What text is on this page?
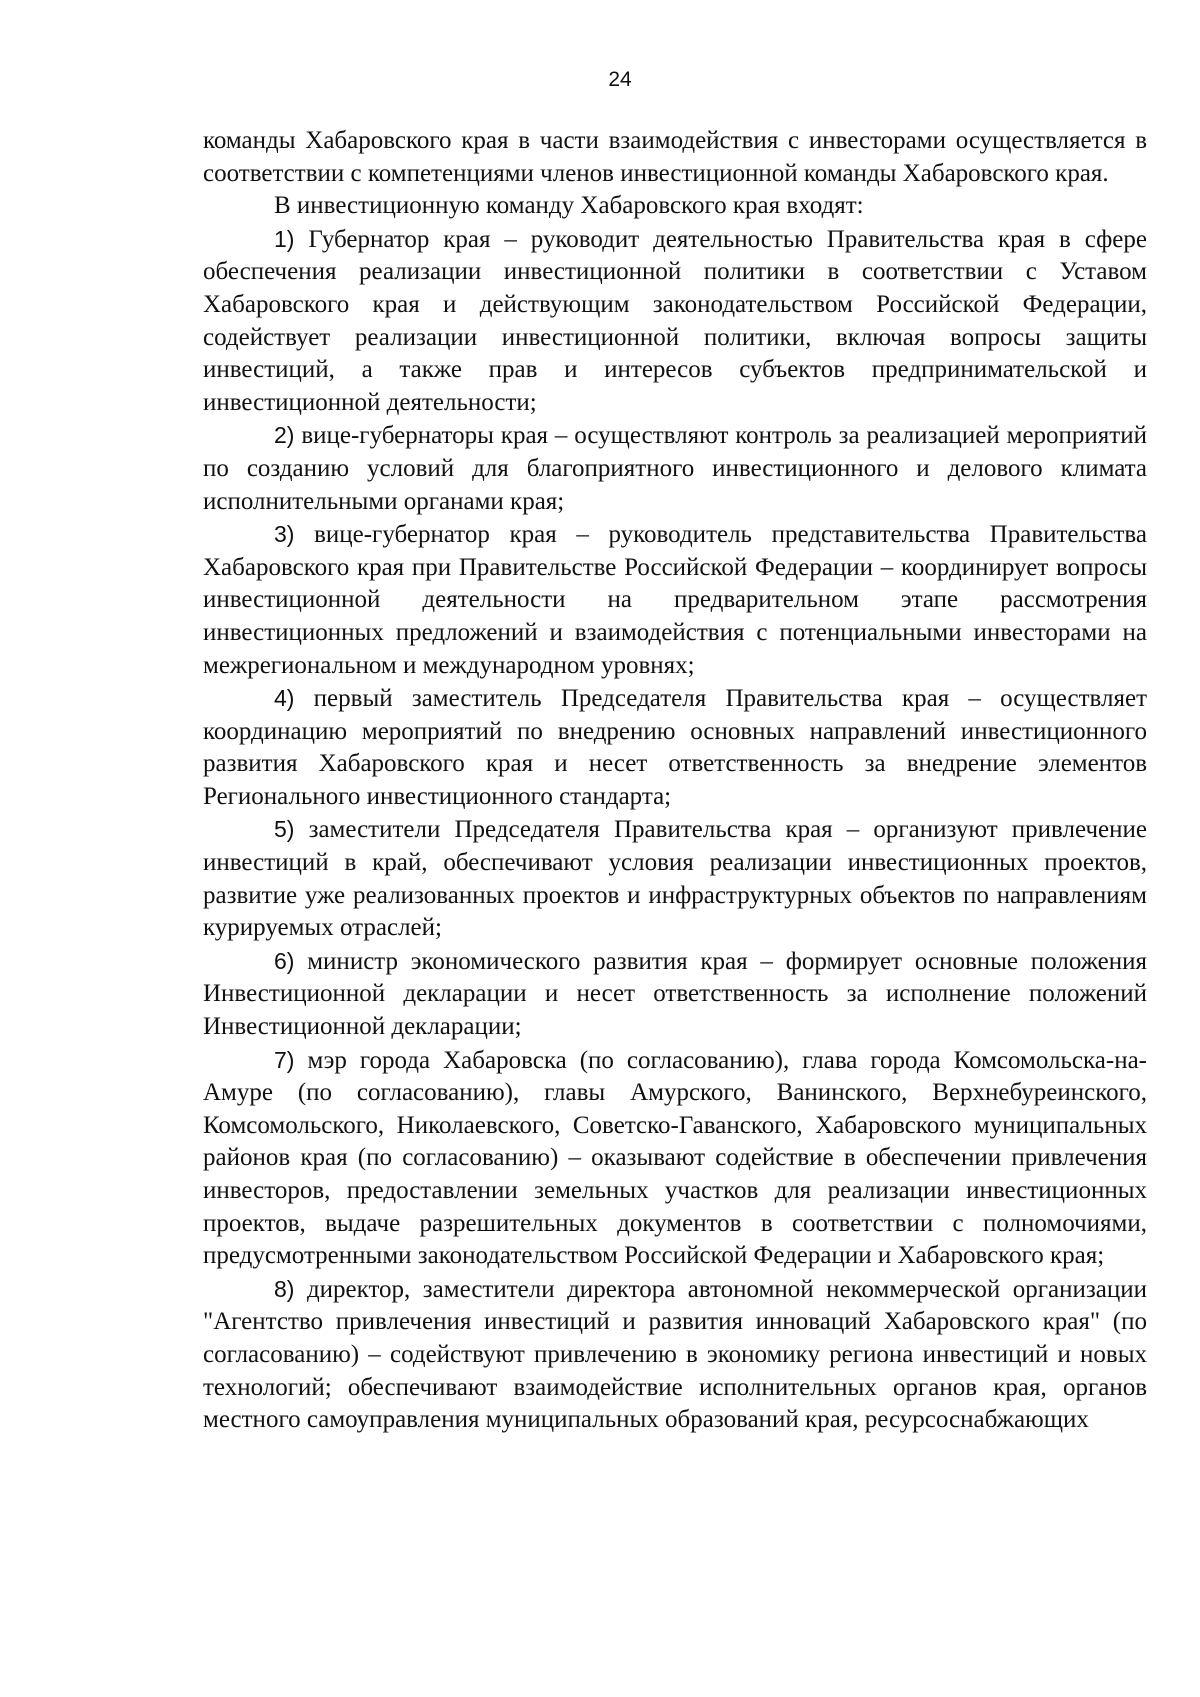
24

команды Хабаровского края в части взаимодействия с инвесторами осуществляется в соответствии с компетенциями членов инвестиционной команды Хабаровского края.

В инвестиционную команду Хабаровского края входят:

1) Губернатор края – руководит деятельностью Правительства края в сфере обеспечения реализации инвестиционной политики в соответствии с Уставом Хабаровского края и действующим законодательством Российской Федерации, содействует реализации инвестиционной политики, включая вопросы защиты инвестиций, а также прав и интересов субъектов предпринимательской и инвестиционной деятельности;

2) вице-губернаторы края – осуществляют контроль за реализацией мероприятий по созданию условий для благоприятного инвестиционного и делового климата исполнительными органами края;

3) вице-губернатор края – руководитель представительства Правительства Хабаровского края при Правительстве Российской Федерации – координирует вопросы инвестиционной деятельности на предварительном этапе рассмотрения инвестиционных предложений и взаимодействия с потенциальными инвесторами на межрегиональном и международном уровнях;

4) первый заместитель Председателя Правительства края – осуществляет координацию мероприятий по внедрению основных направлений инвестиционного развития Хабаровского края и несет ответственность за внедрение элементов Регионального инвестиционного стандарта;

5) заместители Председателя Правительства края – организуют привлечение инвестиций в край, обеспечивают условия реализации инвестиционных проектов, развитие уже реализованных проектов и инфраструктурных объектов по направлениям курируемых отраслей;

6) министр экономического развития края – формирует основные положения Инвестиционной декларации и несет ответственность за исполнение положений Инвестиционной декларации;

7) мэр города Хабаровска (по согласованию), глава города Комсомольска-на-Амуре (по согласованию), главы Амурского, Ванинского, Верхнебуреинского, Комсомольского, Николаевского, Советско-Гаванского, Хабаровского муниципальных районов края (по согласованию) – оказывают содействие в обеспечении привлечения инвесторов, предоставлении земельных участков для реализации инвестиционных проектов, выдаче разрешительных документов в соответствии с полномочиями, предусмотренными законодательством Российской Федерации и Хабаровского края;

8) директор, заместители директора автономной некоммерческой организации "Агентство привлечения инвестиций и развития инноваций Хабаровского края" (по согласованию) – содействуют привлечению в экономику региона инвестиций и новых технологий; обеспечивают взаимодействие исполнительных органов края, органов местного самоуправления муниципальных образований края, ресурсоснабжающих
